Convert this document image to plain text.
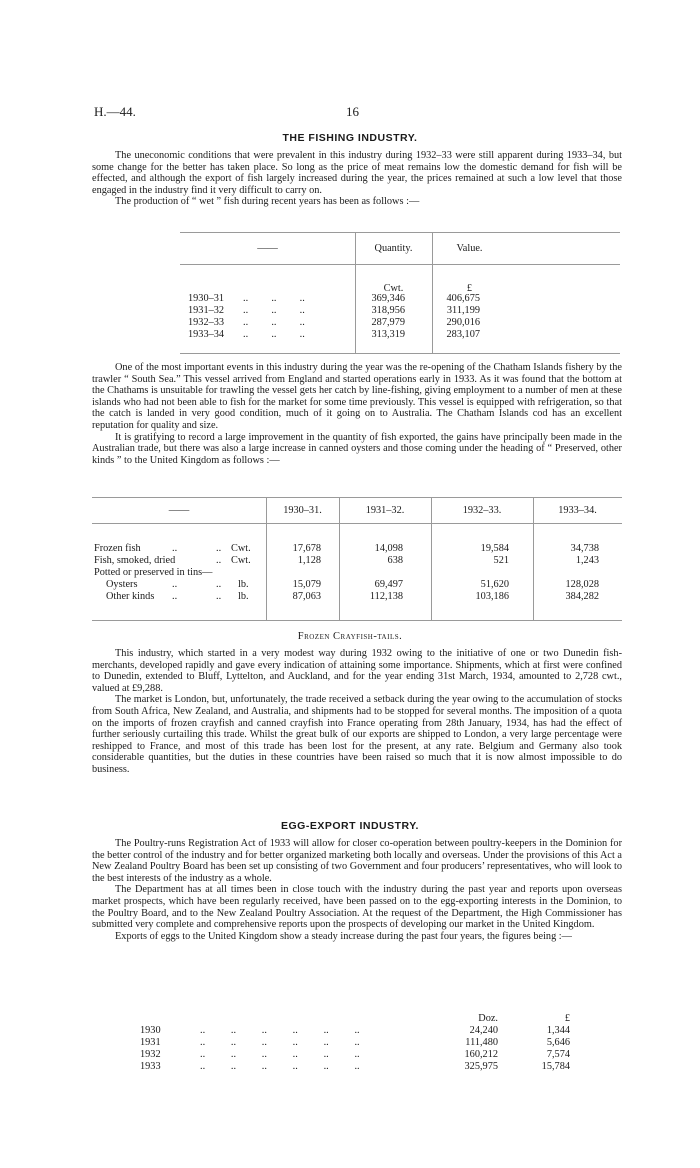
H.—44.	16
THE FISHING INDUSTRY.

The uneconomic conditions that were prevalent in this industry during 1932–33 were still apparent during 1933–34, but some change for the better has taken place. So long as the price of meat remains low the domestic demand for fish will be effected, and although the export of fish largely increased during the year, the prices remained at such a low level that those engaged in the industry find it very difficult to carry on.

The production of “ wet ” fish during recent years has been as follows :—

——	Quantity.	Value.
Cwt.	£
1930–31 ..         ..         ..	369,346	406,675
1931–32 ..         ..         ..	318,956	311,199
1932–33 ..         ..         ..	287,979	290,016
1933–34 ..         ..         ..	313,319	283,107

One of the most important events in this industry during the year was the re-opening of the Chatham Islands fishery by the trawler “ South Sea.” This vessel arrived from England and started operations early in 1933. As it was found that the bottom at the Chathams is unsuitable for trawling the vessel gets her catch by line-fishing, giving employment to a number of men at these islands who had not been able to fish for the market for some time previously. This vessel is equipped with refrigeration, so that the catch is landed in very good condition, much of it going on to Australia. The Chatham Islands cod has an excellent reputation for quality and size.

It is gratifying to record a large improvement in the quantity of fish exported, the gains have principally been made in the Australian trade, but there was also a large increase in canned oysters and those coming under the heading of “ Preserved, other kinds ” to the United Kingdom as follows :—

——	1930–31.	1931–32.	1932–33.	1933–34.
Frozen fish	..	.. Cwt.	17,678	14,098	19,584	34,738
Fish, smoked, dried	.. Cwt.	1,128	638	521	1,243
Potted or preserved in tins—
Oysters	..	.. lb.	15,079	69,497	51,620	128,028
Other kinds ..	.. lb.	87,063	112,138	103,186	384,282
Frozen Crayfish-tails.

This industry, which started in a very modest way during 1932 owing to the initiative of one or two Dunedin fish-merchants, developed rapidly and gave every indication of attaining some importance. Shipments, which at first were confined to Dunedin, extended to Bluff, Lyttelton, and Auckland, and for the year ending 31st March, 1934, amounted to 2,728 cwt., valued at £9,288.

The market is London, but, unfortunately, the trade received a setback during the year owing to the accumulation of stocks from South Africa, New Zealand, and Australia, and shipments had to be stopped for several months. The imposition of a quota on the imports of frozen crayfish and canned crayfish into France operating from 28th January, 1934, has had the effect of further seriously curtailing this trade. Whilst the great bulk of our exports are shipped to London, a very large percentage were reshipped to France, and most of this trade has been lost for the present, at any rate. Belgium and Germany also took considerable quantities, but the duties in these countries have been raised so much that it is now almost impossible to do business.

EGG-EXPORT INDUSTRY.

The Poultry-runs Registration Act of 1933 will allow for closer co-operation between poultry-keepers in the Dominion for the better control of the industry and for better organized marketing both locally and overseas. Under the provisions of this Act a New Zealand Poultry Board has been set up consisting of two Government and four producers’ representatives, who will look to the best interests of the industry as a whole.

The Department has at all times been in close touch with the industry during the past year and reports upon overseas market prospects, which have been regularly received, have been passed on to the egg-exporting interests in the Dominion, to the Poultry Board, and to the New Zealand Poultry Association. At the request of the Department, the High Commissioner has submitted very complete and comprehensive reports upon the prospects of developing our market in the United Kingdom.

Exports of eggs to the United Kingdom show a steady increase during the past four years, the figures being :—

Doz.	£
1930	..          ..          ..          ..          ..          ..	24,240	1,344
1931	..          ..          ..          ..          ..          ..	111,480	5,646
1932	..          ..          ..          ..          ..          ..	160,212	7,574
1933	..          ..          ..          ..          ..          ..	325,975	15,784
